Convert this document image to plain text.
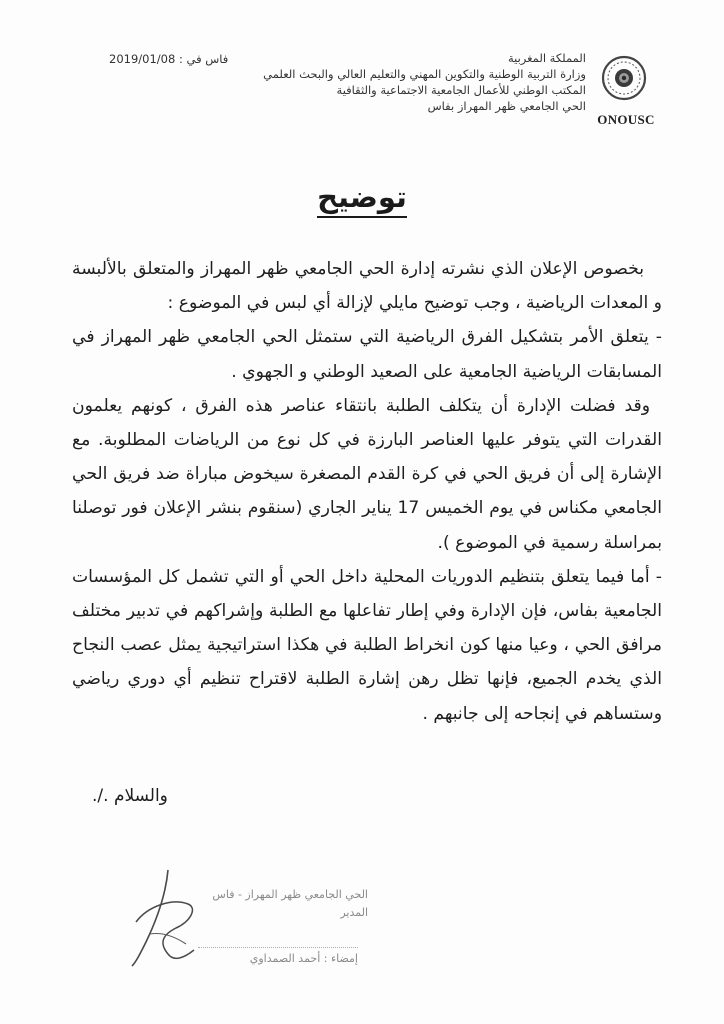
ONOUSC
المملكة المغربية
وزارة التربية الوطنية والتكوين المهني والتعليم العالي والبحث العلمي
المكتب الوطني للأعمال الجامعية الاجتماعية والثقافية
الحي الجامعي ظهر المهراز بفاس
فاس في : 2019/01/08
توضيح

بخصوص الإعلان الذي نشرته إدارة الحي الجامعي ظهر المهراز والمتعلق بالألبسة و المعدات الرياضية ، وجب توضيح مايلي لإزالة أي لبس في الموضوع :

- يتعلق الأمر بتشكيل الفرق الرياضية التي ستمثل الحي الجامعي ظهر المهراز في المسابقات الرياضية الجامعية على الصعيد الوطني و الجهوي .

وقد فضلت الإدارة أن يتكلف الطلبة بانتقاء عناصر هذه الفرق ، كونهم يعلمون القدرات التي يتوفر عليها العناصر البارزة في كل نوع من الرياضات المطلوبة. مع الإشارة إلى أن فريق الحي في كرة القدم المصغرة سيخوض مباراة ضد فريق الحي الجامعي مكناس في يوم الخميس 17 يناير الجاري (سنقوم بنشر الإعلان فور توصلنا بمراسلة رسمية في الموضوع ).

- أما فيما يتعلق بتنظيم الدوريات المحلية داخل الحي أو التي تشمل كل المؤسسات الجامعية بفاس، فإن الإدارة وفي إطار تفاعلها مع الطلبة وإشراكهم في تدبير مختلف مرافق الحي ، وعيا منها كون انخراط الطلبة في هكذا استراتيجية يمثل عصب النجاح الذي يخدم الجميع، فإنها تظل رهن إشارة الطلبة لاقتراح تنظيم أي دوري رياضي وستساهم في إنجاحه إلى جانبهم .

والسلام ./.
الحي الجامعي ظهر المهراز - فاس
المدير
إمضاء : أحمد الصمداوي
